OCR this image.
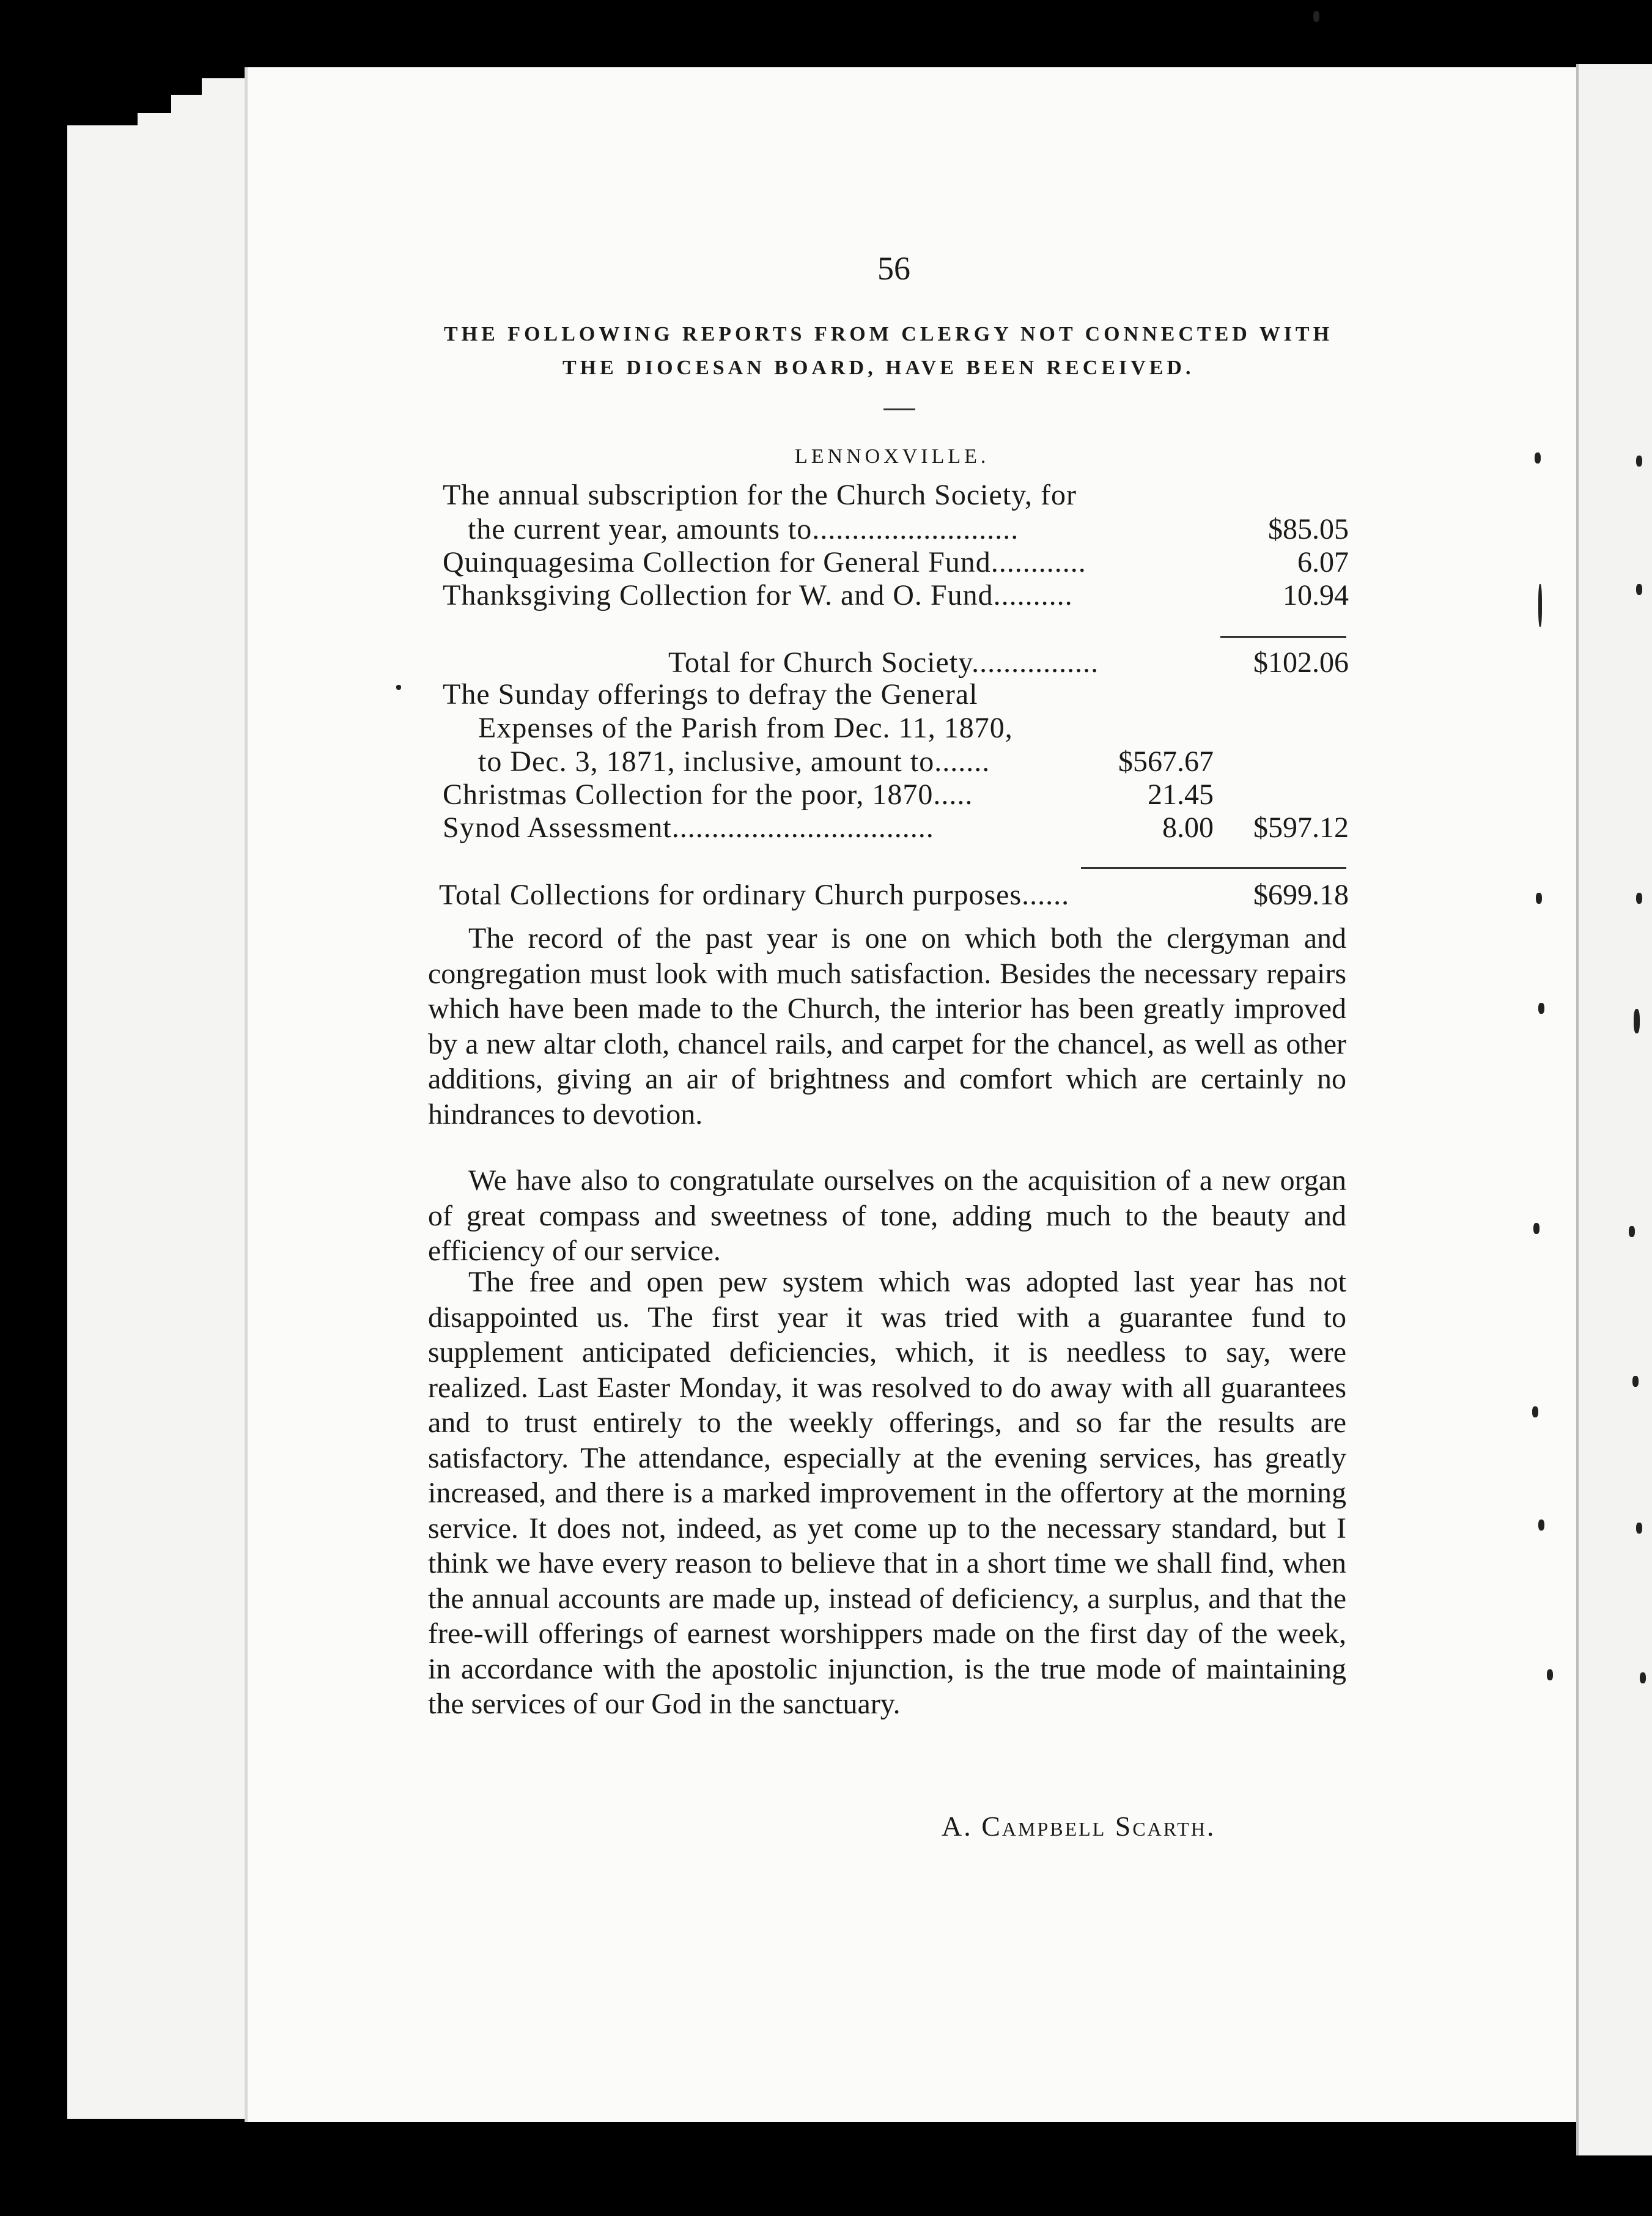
56
THE FOLLOWING REPORTS FROM CLERGY NOT CONNECTED WITH
THE DIOCESAN BOARD, HAVE BEEN RECEIVED.
LENNOXVILLE.
The annual subscription for the Church Society, for
the current year, amounts to..........................	$85.05
Quinquagesima Collection for General Fund............	6.07
Thanksgiving Collection for W. and O. Fund..........	10.94
Total for Church Society................	$102.06
The Sunday offerings to defray the General
Expenses of the Parish from Dec. 11, 1870,
to Dec. 3, 1871, inclusive, amount to.......	$567.67
Christmas Collection for the poor, 1870.....	21.45
Synod Assessment.................................	8.00	$597.12
Total Collections for ordinary Church purposes......	$699.18
The record of the past year is one on which both the clergyman and congregation must look with much satisfaction. Besides the necessary repairs which have been made to the Church, the interior has been greatly improved by a new altar cloth, chancel rails, and carpet for the chancel, as well as other additions, giving an air of brightness and comfort which are certainly no hindrances to devotion.
We have also to congratulate ourselves on the acquisition of a new organ of great compass and sweetness of tone, adding much to the beauty and efficiency of our service.
The free and open pew system which was adopted last year has not disappointed us. The first year it was tried with a guarantee fund to supplement anticipated deficiencies, which, it is needless to say, were realized. Last Easter Monday, it was resolved to do away with all guarantees and to trust entirely to the weekly offerings, and so far the results are satisfactory. The attendance, especially at the evening services, has greatly increased, and there is a marked improvement in the offertory at the morning service. It does not, indeed, as yet come up to the necessary standard, but I think we have every reason to believe that in a short time we shall find, when the annual accounts are made up, instead of deficiency, a surplus, and that the free-will offerings of earnest worshippers made on the first day of the week, in accordance with the apostolic injunction, is the true mode of maintaining the services of our God in the sanctuary.
A. Campbell Scarth.
